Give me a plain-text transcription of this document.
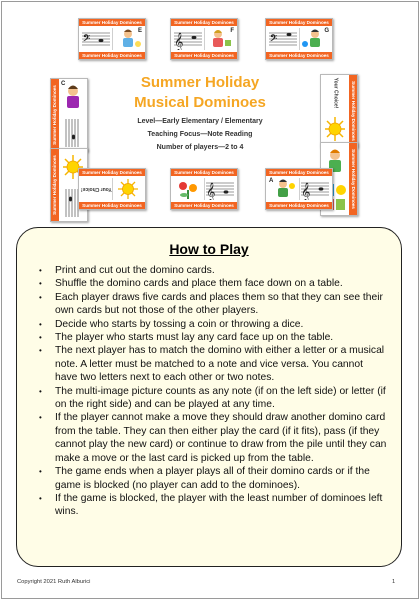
Summer Holiday Dominoes
𝄢
E
Summer Holiday Dominoes
Summer Holiday Dominoes
𝄞
F
Summer Holiday Dominoes
Summer Holiday Dominoes
𝄢
G
Summer Holiday Dominoes
Summer Holiday Dominoes
C
Summer Holiday Dominoes

Summer Holiday

Musical Dominoes

Level—Early Elementary / Elementary

Teaching Focus—Note Reading

Number of players—2 to 4

Summer Holiday Dominoes
Your Choice!
Summer Holiday Dominoes
Summer Holiday Dominoes
Your Choice!
Summer Holiday Dominoes
Summer Holiday Dominoes
𝄞
Summer Holiday Dominoes
Summer Holiday Dominoes
A
𝄞
Summer Holiday Dominoes
How to Play
• Print and cut out the domino cards.
• Shuffle the domino cards and place them face down on a table.
• Each player draws five cards and places them so that they can see their own cards but not those of the other players.
• Decide who starts by tossing a coin or throwing a dice.
• The player who starts must lay any card face up on the table.
• The next player has to match the domino with either a letter or a musical note. A letter must be matched to a note and vice versa. You cannot have two letters next to each other or two notes.
• The multi-image picture counts as any note (if on the left side) or letter (if on the right side) and can be played at any time.
• If the player cannot make a move they should draw another domino card from the table. They can then either play the card (if it fits), pass (if they cannot play the new card) or continue to draw from the pile until they can make a move or the last card is picked up from the table.
• The game ends when a player plays all of their domino cards or if the game is blocked (no player can add to the dominoes).
• If the game is blocked, the player with the least number of dominoes left wins.
Copyright 2021 Ruth Alburici	1
